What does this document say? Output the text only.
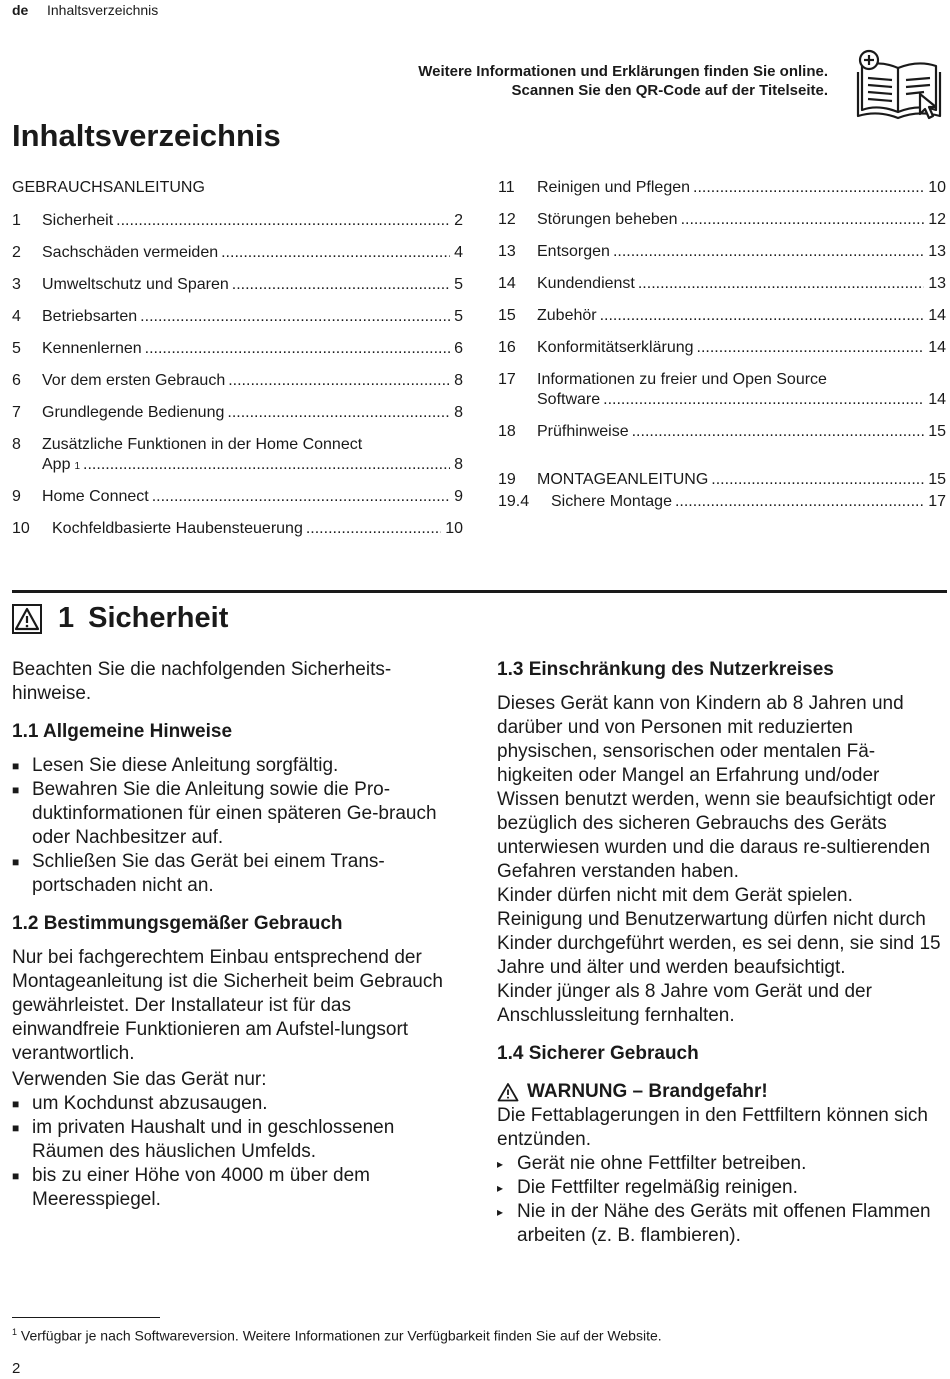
de Inhaltsverzeichnis
Weitere Informationen und Erklärungen finden Sie online.
Scannen Sie den QR-Code auf der Titelseite.
Inhaltsverzeichnis
GEBRAUCHSANLEITUNG
1	Sicherheit .....	2
2	Sachschäden vermeiden .....	4
3	Umweltschutz und Sparen .....	5
4	Betriebsarten .....	5
5	Kennenlernen .....	6
6	Vor dem ersten Gebrauch .....	8
7	Grundlegende Bedienung .....	8
8 Zusätzliche Funktionen in der Home Connect
App 1 .....	8
9	Home Connect .....	9
10	Kochfeldbasierte Haubensteuerung .....	10
11	Reinigen und Pflegen .....	10
12	Störungen beheben .....	12
13	Entsorgen .....	13
14	Kundendienst .....	13
15	Zubehör .....	14
16	Konformitätserklärung .....	14
17 Informationen zu freier und Open Source
Software .....	14
18	Prüfhinweise .....	15
19	MONTAGEANLEITUNG .....	15
19.4	Sichere Montage .....	17
1 Sicherheit

Beachten Sie die nachfolgenden Sicherheits-hinweise.

1.1 Allgemeine Hinweise
■ Lesen Sie diese Anleitung sorgfältig.
■ Bewahren Sie die Anleitung sowie die Pro-duktinformationen für einen späteren Ge-brauch oder Nachbesitzer auf.
■ Schließen Sie das Gerät bei einem Trans-portschaden nicht an.
1.2 Bestimmungsgemäßer Gebrauch

Nur bei fachgerechtem Einbau entsprechend der Montageanleitung ist die Sicherheit beim Gebrauch gewährleistet. Der Installateur ist für das einwandfreie Funktionieren am Aufstel-lungsort verantwortlich.

Verwenden Sie das Gerät nur:

■ um Kochdunst abzusaugen.
■ im privaten Haushalt und in geschlossenen Räumen des häuslichen Umfelds.
■ bis zu einer Höhe von 4000 m über dem Meeresspiegel.
1.3 Einschränkung des Nutzerkreises

Dieses Gerät kann von Kindern ab 8 Jahren und darüber und von Personen mit reduzierten physischen, sensorischen oder mentalen Fä-higkeiten oder Mangel an Erfahrung und/oder Wissen benutzt werden, wenn sie beaufsichtigt oder bezüglich des sicheren Gebrauchs des Geräts unterwiesen wurden und die daraus re-sultierenden Gefahren verstanden haben.

Kinder dürfen nicht mit dem Gerät spielen.

Reinigung und Benutzerwartung dürfen nicht durch Kinder durchgeführt werden, es sei denn, sie sind 15 Jahre und älter und werden beaufsichtigt.

Kinder jünger als 8 Jahre vom Gerät und der Anschlussleitung fernhalten.

1.4 Sicherer Gebrauch
WARNUNG – Brandgefahr!

Die Fettablagerungen in den Fettfiltern können sich entzünden.

▸ Gerät nie ohne Fettfilter betreiben.
▸ Die Fettfilter regelmäßig reinigen.
▸ Nie in der Nähe des Geräts mit offenen Flammen arbeiten (z. B. flambieren).
$^1$ Verfügbar je nach Softwareversion. Weitere Informationen zur Verfügbarkeit finden Sie auf der Website.
2
